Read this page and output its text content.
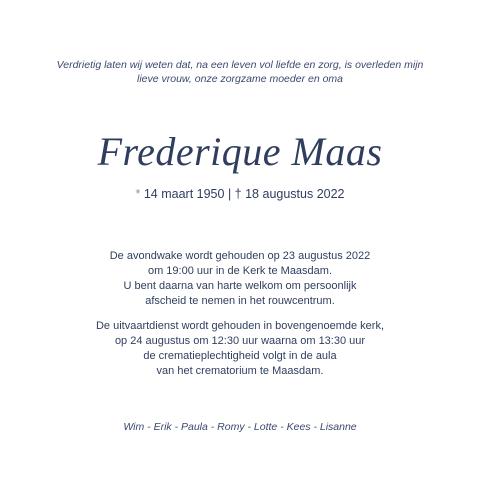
Verdrietig laten wij weten dat, na een leven vol liefde en zorg, is overleden mijn
lieve vrouw, onze zorgzame moeder en oma
Frederique Maas
* 14 maart 1950 | † 18 augustus 2022
De avondwake wordt gehouden op 23 augustus 2022
om 19:00 uur in de Kerk te Maasdam.
U bent daarna van harte welkom om persoonlijk
afscheid te nemen in het rouwcentrum.
De uitvaartdienst wordt gehouden in bovengenoemde kerk,
op 24 augustus om 12:30 uur waarna om 13:30 uur
de crematieplechtigheid volgt in de aula
van het crematorium te Maasdam.
Wim - Erik - Paula - Romy - Lotte - Kees - Lisanne
